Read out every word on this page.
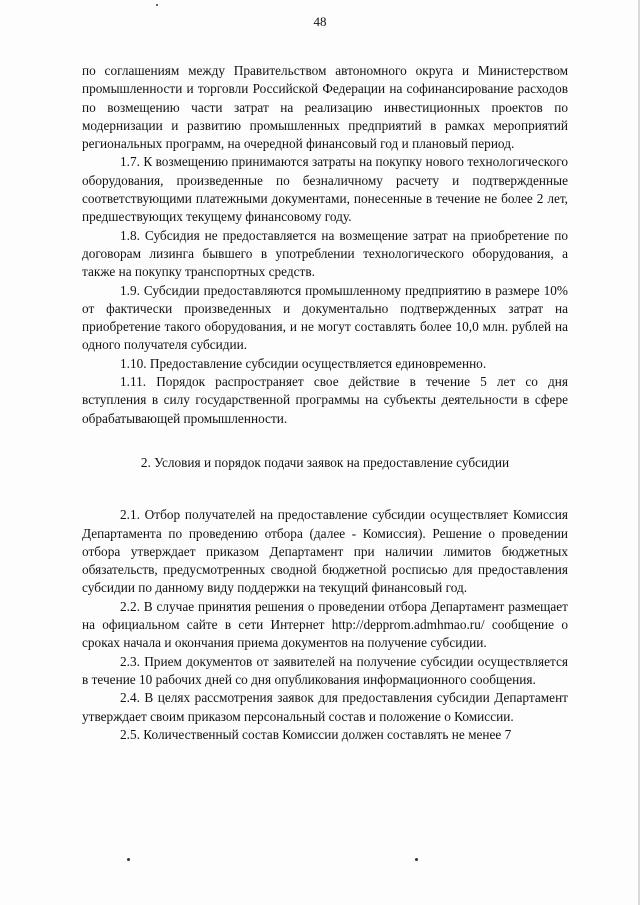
48

по соглашениям между Правительством автономного округа и Министерством промышленности и торговли Российской Федерации на софинансирование расходов по возмещению части затрат на реализацию инвестиционных проектов по модернизации и развитию промышленных предприятий в рамках мероприятий региональных программ, на очередной финансовый год и плановый период.

1.7. К возмещению принимаются затраты на покупку нового технологического оборудования, произведенные по безналичному расчету и подтвержденные соответствующими платежными документами, понесенные в течение не более 2 лет, предшествующих текущему финансовому году.

1.8. Субсидия не предоставляется на возмещение затрат на приобретение по договорам лизинга бывшего в употреблении технологического оборудования, а также на покупку транспортных средств.

1.9. Субсидии предоставляются промышленному предприятию в размере 10% от фактически произведенных и документально подтвержденных затрат на приобретение такого оборудования, и не могут составлять более 10,0 млн. рублей на одного получателя субсидии.

1.10. Предоставление субсидии осуществляется единовременно.

1.11. Порядок распространяет свое действие в течение 5 лет со дня вступления в силу государственной программы на субъекты деятельности в сфере обрабатывающей промышленности.

2. Условия и порядок подачи заявок на предоставление субсидии

2.1. Отбор получателей на предоставление субсидии осуществляет Комиссия Департамента по проведению отбора (далее - Комиссия). Решение о проведении отбора утверждает приказом Департамент при наличии лимитов бюджетных обязательств, предусмотренных сводной бюджетной росписью для предоставления субсидии по данному виду поддержки на текущий финансовый год.

2.2. В случае принятия решения о проведении отбора Департамент размещает на официальном сайте в сети Интернет http://depprom.admhmao.ru/ сообщение о сроках начала и окончания приема документов на получение субсидии.

2.3. Прием документов от заявителей на получение субсидии осуществляется в течение 10 рабочих дней со дня опубликования информационного сообщения.

2.4. В целях рассмотрения заявок для предоставления субсидии Департамент утверждает своим приказом персональный состав и положение о Комиссии.

2.5. Количественный состав Комиссии должен составлять не менее 7
